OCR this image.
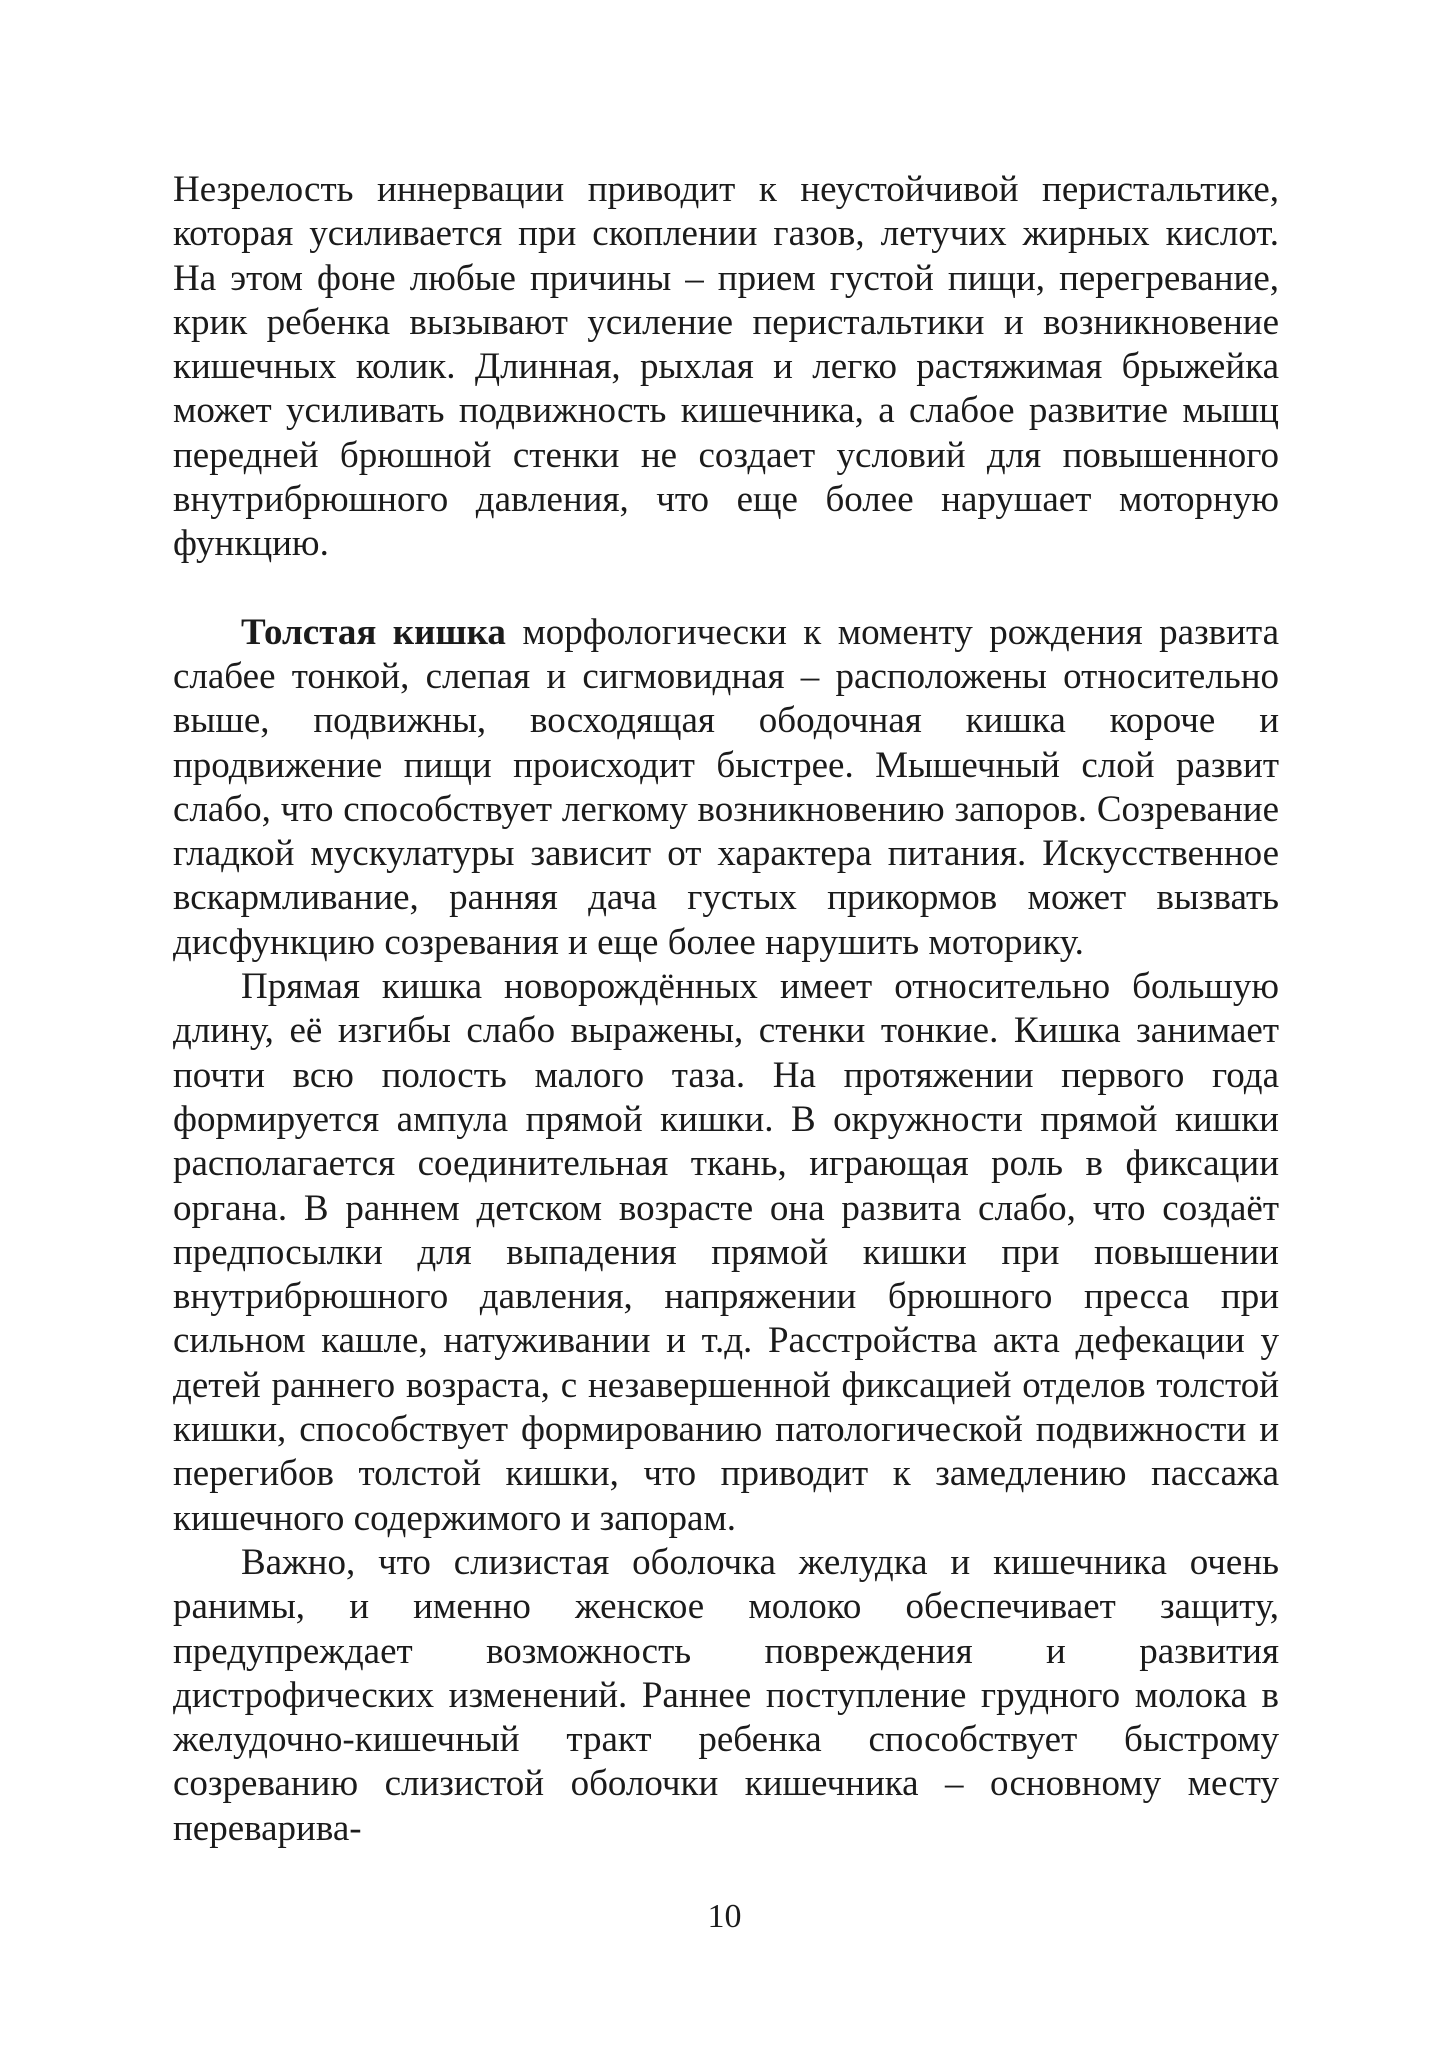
Незрелость иннервации приводит к неустойчивой перистальтике, которая усиливается при скоплении газов, летучих жирных кислот. На этом фоне любые причины – прием густой пищи, перегревание, крик ребенка вызывают усиление перистальтики и возникновение кишечных колик. Длинная, рыхлая и легко растяжимая брыжейка может усиливать подвижность кишечника, а слабое развитие мышц передней брюшной стенки не создает условий для повышенного внутрибрюшного давления, что еще более нарушает моторную функцию.

Толстая кишка морфологически к моменту рождения развита слабее тонкой, слепая и сигмовидная – расположены относительно выше, подвижны, восходящая ободочная кишка короче и продвижение пищи происходит быстрее. Мышечный слой развит слабо, что способствует легкому возникновению запоров. Созревание гладкой мускулатуры зависит от характера питания. Искусственное вскармливание, ранняя дача густых прикормов может вызвать дисфункцию созревания и еще более нарушить моторику.

Прямая кишка новорождённых имеет относительно большую длину, её изгибы слабо выражены, стенки тонкие. Кишка занимает почти всю полость малого таза. На протяжении первого года формируется ампула прямой кишки. В окружности прямой кишки располагается соединительная ткань, играющая роль в фиксации органа. В раннем детском возрасте она развита слабо, что создаёт предпосылки для выпадения прямой кишки при повышении внутрибрюшного давления, напряжении брюшного пресса при сильном кашле, натуживании и т.д. Расстройства акта дефекации у детей раннего возраста, с незавершенной фиксацией отделов толстой кишки, способствует формированию патологической подвижности и перегибов толстой кишки, что приводит к замедлению пассажа кишечного содержимого и запорам.

Важно, что слизистая оболочка желудка и кишечника очень ранимы, и именно женское молоко обеспечивает защиту, предупреждает возможность повреждения и развития дистрофических изменений. Раннее поступление грудного молока в желудочно-кишечный тракт ребенка способствует быстрому созреванию слизистой оболочки кишечника – основному месту переварива-

10
